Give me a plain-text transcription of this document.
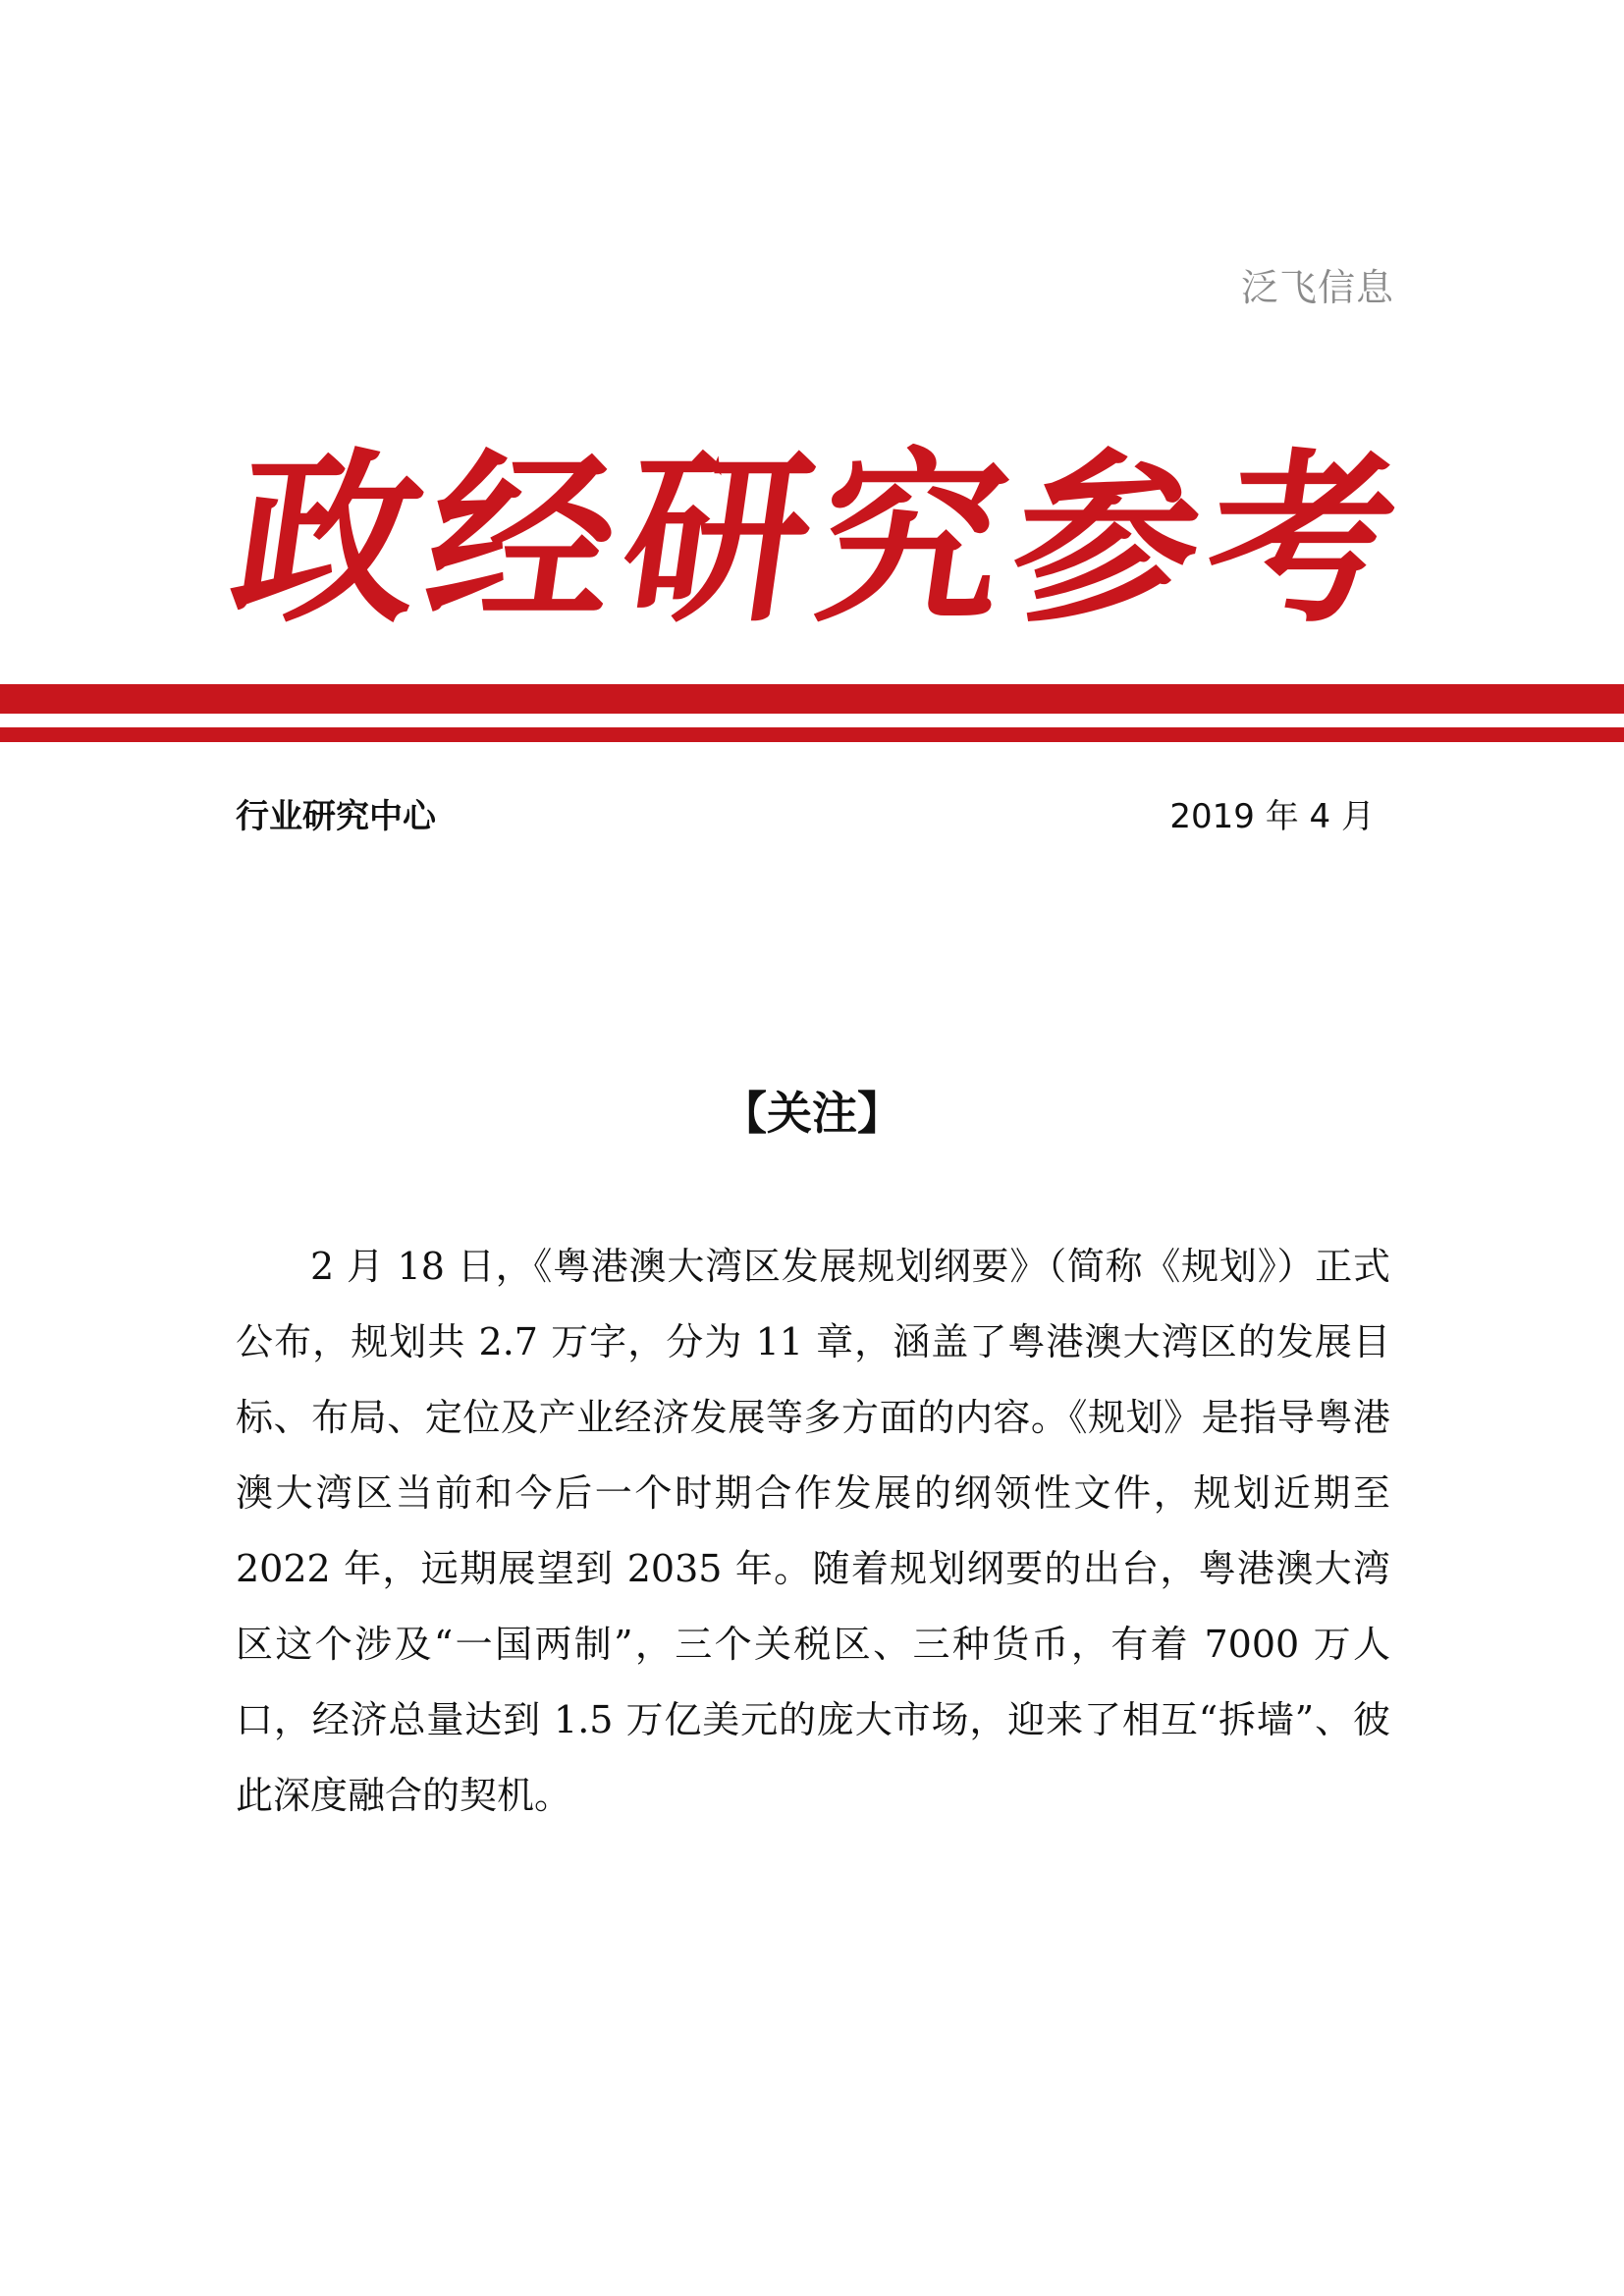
泛飞信息
政
经
研
究
参
考
行业研究中心	2019 年 4 月
【关注】

2 月 18 日，《粤港澳大湾区发展规划纲要》（简称《规划》）正式公布，规划共 2.7 万字，分为 11 章，涵盖了粤港澳大湾区的发展目标、布局、定位及产业经济发展等多方面的内容。《规划》是指导粤港澳大湾区当前和今后一个时期合作发展的纲领性文件，规划近期至 2022 年，远期展望到 2035 年。随着规划纲要的出台，粤港澳大湾区这个涉及“一国两制”，三个关税区、三种货币，有着 7000 万人口，经济总量达到 1.5 万亿美元的庞大市场，迎来了相互“拆墙”、彼此深度融合的契机。
